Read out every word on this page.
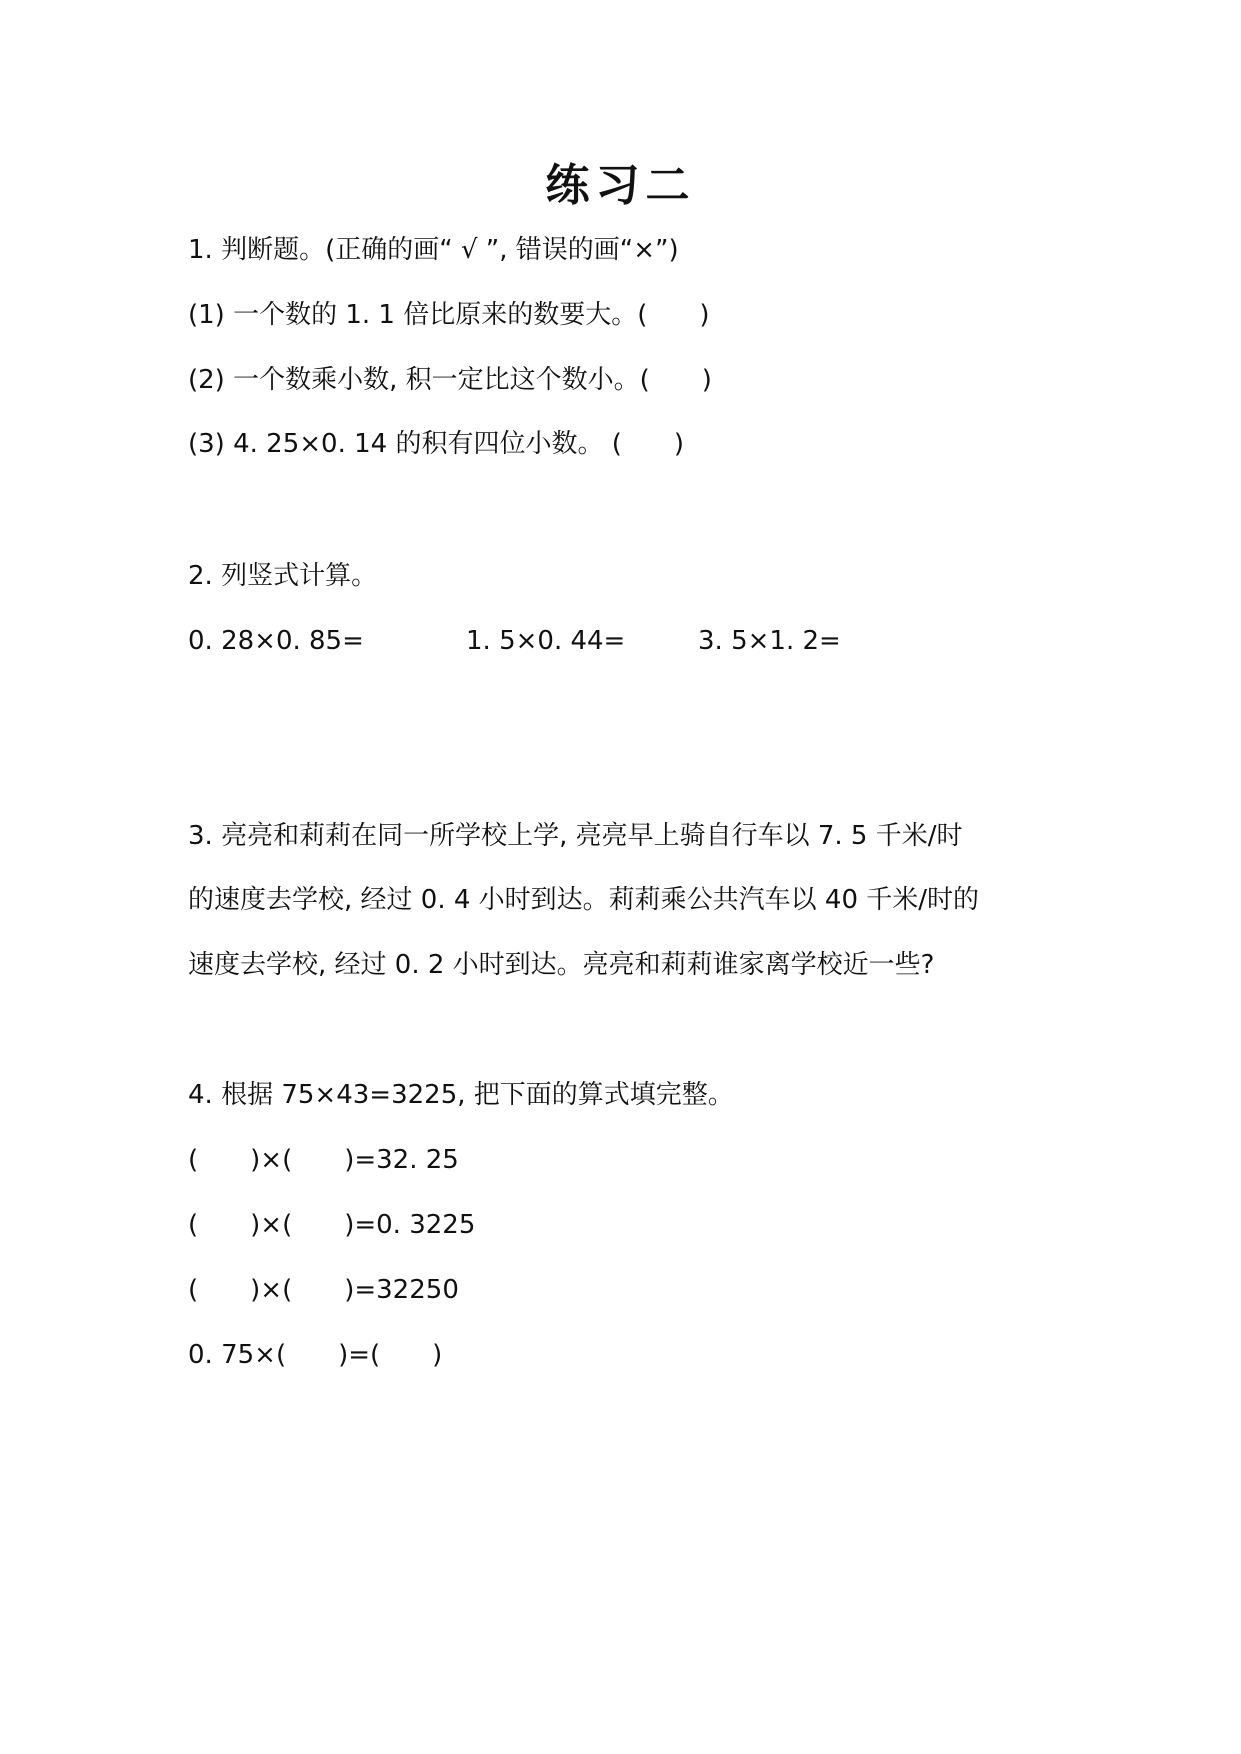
练习二
1. 判断题。(正确的画“ √ ”, 错误的画“×”)
(1) 一个数的 1. 1 倍比原来的数要大。(　　)
(2) 一个数乘小数, 积一定比这个数小。(　　)
(3) 4. 25×0. 14 的积有四位小数。 (　　)
2. 列竖式计算。
0. 28×0. 85=	1. 5×0. 44=	3. 5×1. 2=
3. 亮亮和莉莉在同一所学校上学, 亮亮早上骑自行车以 7. 5 千米/时
的速度去学校, 经过 0. 4 小时到达。莉莉乘公共汽车以 40 千米/时的
速度去学校, 经过 0. 2 小时到达。亮亮和莉莉谁家离学校近一些?
4. 根据 75×43=3225, 把下面的算式填完整。
(　　)×(　　)=32. 25
(　　)×(　　)=0. 3225
(　　)×(　　)=32250
0. 75×(　　)=(　　)
